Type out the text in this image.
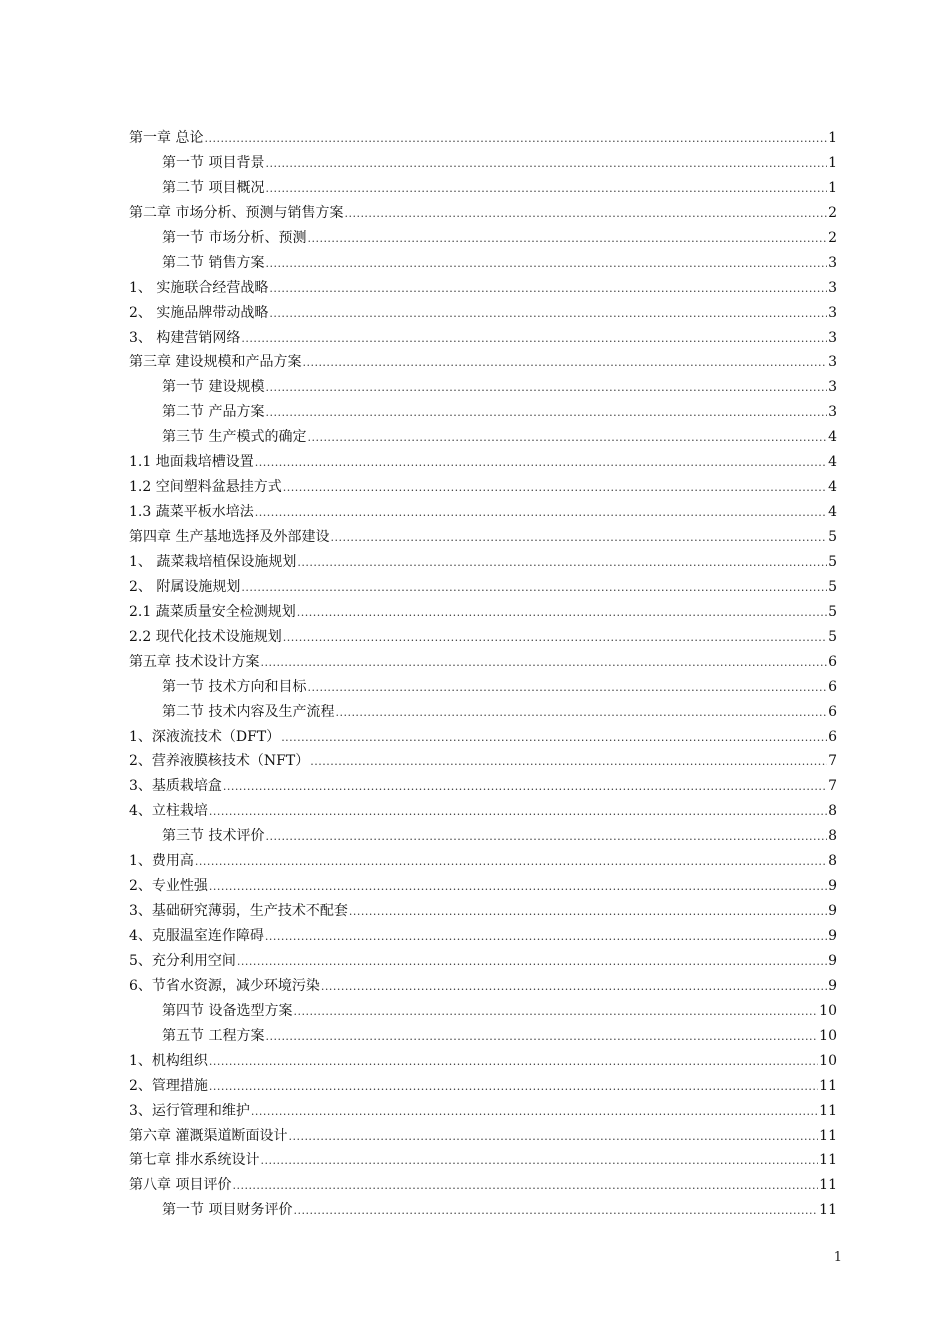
第一章 总论 .....	1
第一节 项目背景 .....	1
第二节 项目概况 .....	1
第二章 市场分析、预测与销售方案 .....	2
第一节 市场分析、预测 .....	2
第二节 销售方案 .....	3
1、 实施联合经营战略 .....	3
2、 实施品牌带动战略 .....	3
3、 构建营销网络 .....	3
第三章 建设规模和产品方案 .....	3
第一节 建设规模 .....	3
第二节 产品方案 .....	3
第三节 生产模式的确定 .....	4
1.1 地面栽培槽设置 .....	4
1.2 空间塑料盆悬挂方式 .....	4
1.3 蔬菜平板水培法 .....	4
第四章 生产基地选择及外部建设 .....	5
1、 蔬菜栽培植保设施规划 .....	5
2、 附属设施规划 .....	5
2.1 蔬菜质量安全检测规划 .....	5
2.2 现代化技术设施规划 .....	5
第五章 技术设计方案 .....	6
第一节 技术方向和目标 .....	6
第二节 技术内容及生产流程 .....	6
1、深液流技术（DFT） .....	6
2、营养液膜核技术（NFT） .....	7
3、基质栽培盒 .....	7
4、立柱栽培 .....	8
第三节 技术评价 .....	8
1、费用高 .....	8
2、专业性强 .....	9
3、基础研究薄弱，生产技术不配套 .....	9
4、克服温室连作障碍 .....	9
5、充分利用空间 .....	9
6、节省水资源，减少环境污染 .....	9
第四节 设备选型方案 .....	10
第五节 工程方案 .....	10
1、机构组织 .....	10
2、管理措施 .....	11
3、运行管理和维护 .....	11
第六章 灌溉渠道断面设计 .....	11
第七章 排水系统设计 .....	11
第八章 项目评价 .....	11
第一节 项目财务评价 .....	11
1
